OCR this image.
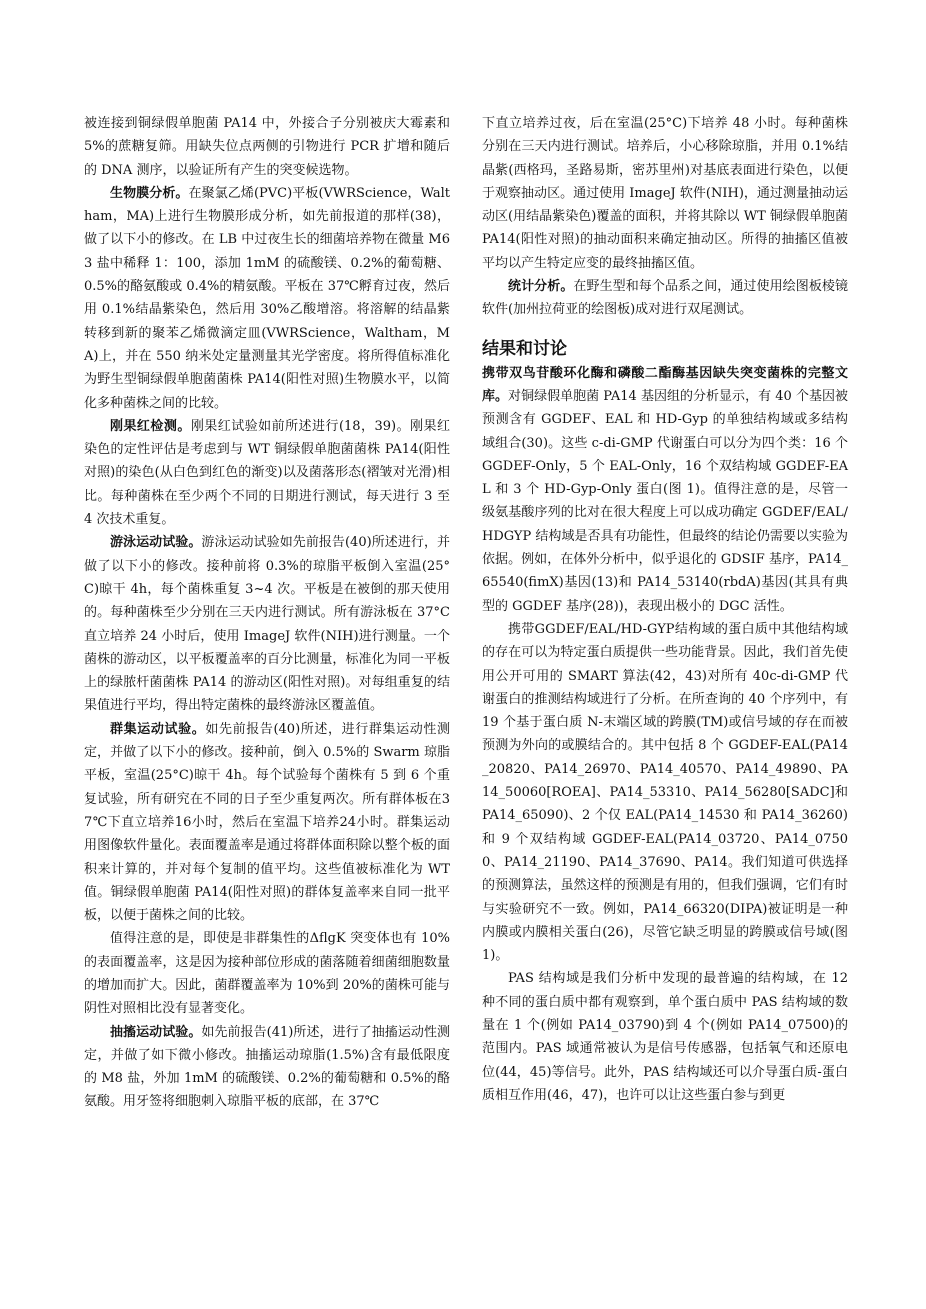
被连接到铜绿假单胞菌 PA14 中，外接合子分别被庆大霉素和 5%的蔗糖复筛。用缺失位点两侧的引物进行 PCR 扩增和随后的 DNA 测序，以验证所有产生的突变候选物。

生物膜分析。在聚氯乙烯(PVC)平板(VWRScience，Waltham，MA)上进行生物膜形成分析，如先前报道的那样(38)，做了以下小的修改。在 LB 中过夜生长的细菌培养物在微量 M63 盐中稀释 1：100，添加 1mM 的硫酸镁、0.2%的葡萄糖、0.5%的酪氨酸或 0.4%的精氨酸。平板在 37℃孵育过夜，然后用 0.1%结晶紫染色，然后用 30%乙酸增溶。将溶解的结晶紫转移到新的聚苯乙烯微滴定皿(VWRScience，Waltham，MA)上，并在 550 纳米处定量测量其光学密度。将所得值标准化为野生型铜绿假单胞菌菌株 PA14(阳性对照)生物膜水平，以简化多种菌株之间的比较。

刚果红检测。刚果红试验如前所述进行(18，39)。刚果红染色的定性评估是考虑到与 WT 铜绿假单胞菌菌株 PA14(阳性对照)的染色(从白色到红色的渐变)以及菌落形态(褶皱对光滑)相比。每种菌株在至少两个不同的日期进行测试，每天进行 3 至 4 次技术重复。

游泳运动试验。游泳运动试验如先前报告(40)所述进行，并做了以下小的修改。接种前将 0.3%的琼脂平板倒入室温(25°C)晾干 4h，每个菌株重复 3~4 次。平板是在被倒的那天使用的。每种菌株至少分别在三天内进行测试。所有游泳板在 37°C 直立培养 24 小时后，使用 ImageJ 软件(NIH)进行测量。一个菌株的游动区，以平板覆盖率的百分比测量，标准化为同一平板上的绿脓杆菌菌株 PA14 的游动区(阳性对照)。对每组重复的结果值进行平均，得出特定菌株的最终游泳区覆盖值。

群集运动试验。如先前报告(40)所述，进行群集运动性测定，并做了以下小的修改。接种前，倒入 0.5%的 Swarm 琼脂平板，室温(25°C)晾干 4h。每个试验每个菌株有 5 到 6 个重复试验，所有研究在不同的日子至少重复两次。所有群体板在37℃下直立培养16小时，然后在室温下培养24小时。群集运动用图像软件量化。表面覆盖率是通过将群体面积除以整个板的面积来计算的，并对每个复制的值平均。这些值被标准化为 WT 值。铜绿假单胞菌 PA14(阳性对照)的群体复盖率来自同一批平板，以便于菌株之间的比较。

值得注意的是，即使是非群集性的ΔflgK 突变体也有 10%的表面覆盖率，这是因为接种部位形成的菌落随着细菌细胞数量的增加而扩大。因此，菌群覆盖率为 10%到 20%的菌株可能与阴性对照相比没有显著变化。

抽搐运动试验。如先前报告(41)所述，进行了抽搐运动性测定，并做了如下微小修改。抽搐运动琼脂(1.5%)含有最低限度的 M8 盐，外加 1mM 的硫酸镁、0.2%的葡萄糖和 0.5%的酪氨酸。用牙签将细胞刺入琼脂平板的底部，在 37℃

下直立培养过夜，后在室温(25°C)下培养 48 小时。每种菌株分别在三天内进行测试。培养后，小心移除琼脂，并用 0.1%结晶紫(西格玛，圣路易斯，密苏里州)对基底表面进行染色，以便于观察抽动区。通过使用 ImageJ 软件(NIH)，通过测量抽动运动区(用结晶紫染色)覆盖的面积，并将其除以 WT 铜绿假单胞菌 PA14(阳性对照)的抽动面积来确定抽动区。所得的抽搐区值被平均以产生特定应变的最终抽搐区值。

统计分析。在野生型和每个品系之间，通过使用绘图板棱镜软件(加州拉荷亚的绘图板)成对进行双尾测试。

结果和讨论

携带双鸟苷酸环化酶和磷酸二酯酶基因缺失突变菌株的完整文库。对铜绿假单胞菌 PA14 基因组的分析显示，有 40 个基因被预测含有 GGDEF、EAL 和 HD-Gyp 的单独结构域或多结构域组合(30)。这些 c-di-GMP 代谢蛋白可以分为四个类：16 个 GGDEF-Only，5 个 EAL-Only，16 个双结构域 GGDEF-EAL 和 3 个 HD-Gyp-Only 蛋白(图 1)。值得注意的是，尽管一级氨基酸序列的比对在很大程度上可以成功确定 GGDEF/EAL/HDGYP 结构域是否具有功能性，但最终的结论仍需要以实验为依据。例如，在体外分析中，似乎退化的 GDSIF 基序，PA14_65540(fimX)基因(13)和 PA14_53140(rbdA)基因(其具有典型的 GGDEF 基序(28))，表现出极小的 DGC 活性。

携带GGDEF/EAL/HD-GYP结构域的蛋白质中其他结构域的存在可以为特定蛋白质提供一些功能背景。因此，我们首先使用公开可用的 SMART 算法(42，43)对所有 40c-di-GMP 代谢蛋白的推测结构域进行了分析。在所查询的 40 个序列中，有 19 个基于蛋白质 N-末端区域的跨膜(TM)或信号域的存在而被预测为外向的或膜结合的。其中包括 8 个 GGDEF-EAL(PA14_20820、PA14_26970、PA14_40570、PA14_49890、PA14_50060[ROEA]、PA14_53310、PA14_56280[SADC]和 PA14_65090)、2 个仅 EAL(PA14_14530 和 PA14_36260)和 9 个双结构域 GGDEF-EAL(PA14_03720、PA14_07500、PA14_21190、PA14_37690、PA14。我们知道可供选择的预测算法，虽然这样的预测是有用的，但我们强调，它们有时与实验研究不一致。例如，PA14_66320(DIPA)被证明是一种内膜或内膜相关蛋白(26)，尽管它缺乏明显的跨膜或信号域(图 1)。

PAS 结构域是我们分析中发现的最普遍的结构域，在 12 种不同的蛋白质中都有观察到，单个蛋白质中 PAS 结构域的数量在 1 个(例如 PA14_03790)到 4 个(例如 PA14_07500)的范围内。PAS 域通常被认为是信号传感器，包括氧气和还原电位(44，45)等信号。此外，PAS 结构域还可以介导蛋白质-蛋白质相互作用(46，47)，也许可以让这些蛋白参与到更
